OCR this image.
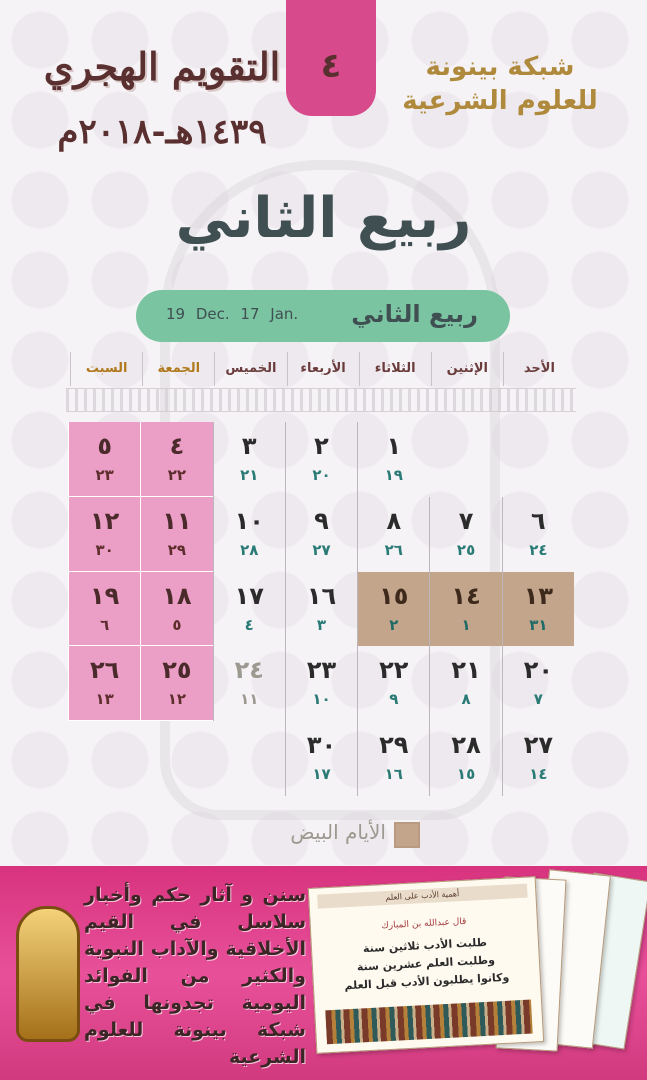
التقويم الهجري
١٤٣٩هـ-٢٠١٨م
٤	شبكة بينونة
للعلوم الشرعية
ربيع الثاني
19 Dec. 17 Jan. ربيع الثاني
الأحد
الإثنين
الثلاثاء
الأربعاء
الخميس
الجمعة
السبت
١
١٩
٢
٢٠
٣
٢١
٤
٢٢
٥
٢٣
٦
٢٤
٧
٢٥
٨
٢٦
٩
٢٧
١٠
٢٨
١١
٢٩
١٢
٣٠
١٣
٣١
١٤
١
١٥
٢
١٦
٣
١٧
٤
١٨
٥
١٩
٦
٢٠
٧
٢١
٨
٢٢
٩
٢٣
١٠
٢٤
١١
٢٥
١٢
٢٦
١٣
٢٧
١٤
٢٨
١٥
٢٩
١٦
٣٠
١٧
الأيام البيض
سنن و آثار حكم وأخبار سلاسل في القيم الأخلاقية والآداب النبوية والكثير من الفوائد اليومية تجدونها في شبكة بينونة للعلوم الشرعية
أهمية الأدب على العلم
قال عبدالله بن المبارك
طلبت الأدب ثلاثين سنة
وطلبت العلم عشرين سنة
وكانوا يطلبون الأدب قبل العلم
